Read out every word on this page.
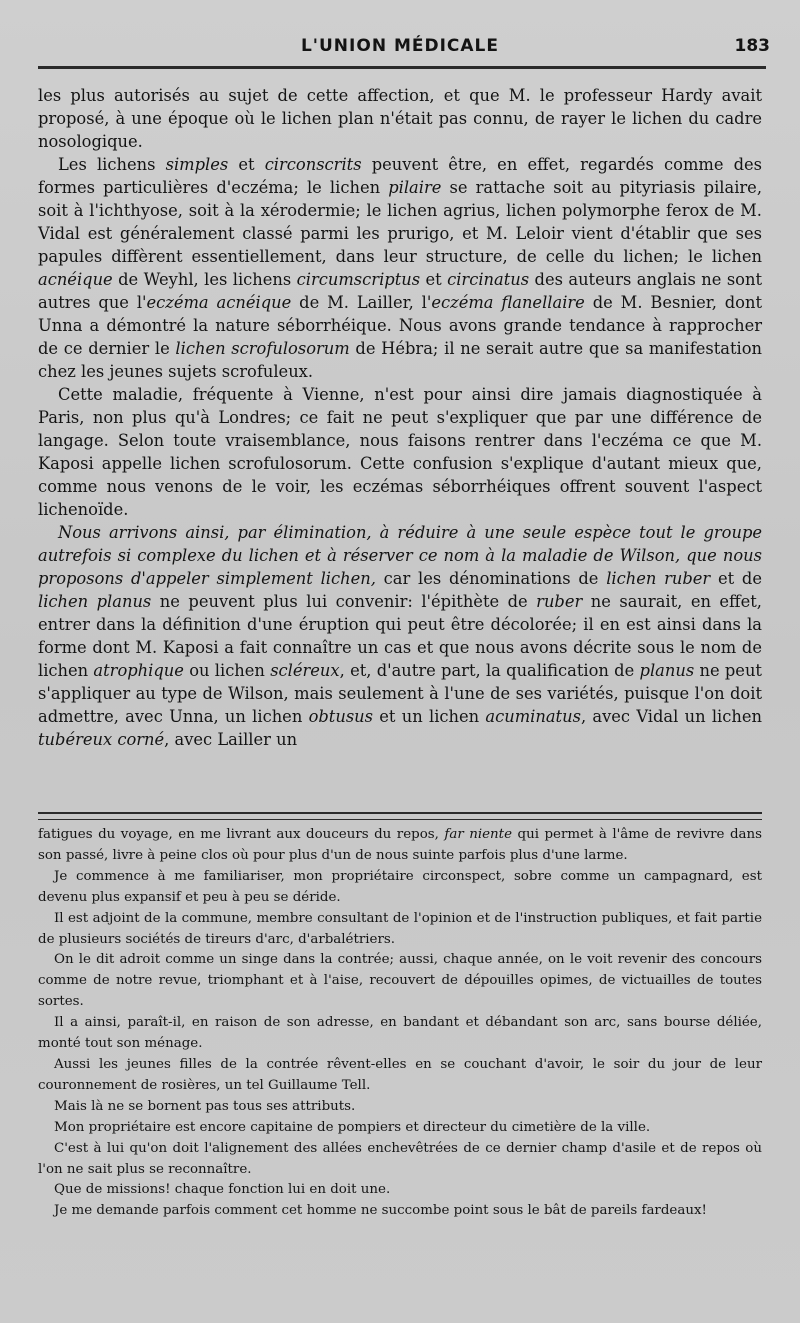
L'UNION MÉDICALE	183

les plus autorisés au sujet de cette affection, et que M. le professeur Hardy avait proposé, à une époque où le lichen plan n'était pas connu, de rayer le lichen du cadre nosologique.

Les lichens simples et circonscrits peuvent être, en effet, regardés comme des formes particulières d'eczéma; le lichen pilaire se rattache soit au pityriasis pilaire, soit à l'ichthyose, soit à la xérodermie; le lichen agrius, lichen polymorphe ferox de M. Vidal est généralement classé parmi les prurigo, et M. Leloir vient d'établir que ses papules diffèrent essentiellement, dans leur structure, de celle du lichen; le lichen acnéique de Weyhl, les lichens circumscriptus et circinatus des auteurs anglais ne sont autres que l'eczéma acnéique de M. Lailler, l'eczéma flanellaire de M. Besnier, dont Unna a démontré la nature séborrhéique. Nous avons grande tendance à rapprocher de ce dernier le lichen scrofulosorum de Hébra; il ne serait autre que sa manifestation chez les jeunes sujets scrofuleux.

Cette maladie, fréquente à Vienne, n'est pour ainsi dire jamais diagnostiquée à Paris, non plus qu'à Londres; ce fait ne peut s'expliquer que par une différence de langage. Selon toute vraisemblance, nous faisons rentrer dans l'eczéma ce que M. Kaposi appelle lichen scrofulosorum. Cette confusion s'explique d'autant mieux que, comme nous venons de le voir, les eczémas séborrhéiques offrent souvent l'aspect lichenoïde.

Nous arrivons ainsi, par élimination, à réduire à une seule espèce tout le groupe autrefois si complexe du lichen et à réserver ce nom à la maladie de Wilson, que nous proposons d'appeler simplement lichen, car les dénominations de lichen ruber et de lichen planus ne peuvent plus lui convenir: l'épithète de ruber ne saurait, en effet, entrer dans la définition d'une éruption qui peut être décolorée; il en est ainsi dans la forme dont M. Kaposi a fait connaître un cas et que nous avons décrite sous le nom de lichen atrophique ou lichen scléreux, et, d'autre part, la qualification de planus ne peut s'appliquer au type de Wilson, mais seulement à l'une de ses variétés, puisque l'on doit admettre, avec Unna, un lichen obtusus et un lichen acuminatus, avec Vidal un lichen tubéreux corné, avec Lailler un

fatigues du voyage, en me livrant aux douceurs du repos, far niente qui permet à l'âme de revivre dans son passé, livre à peine clos où pour plus d'un de nous suinte parfois plus d'une larme.

Je commence à me familiariser, mon propriétaire circonspect, sobre comme un campagnard, est devenu plus expansif et peu à peu se déride.

Il est adjoint de la commune, membre consultant de l'opinion et de l'instruction publiques, et fait partie de plusieurs sociétés de tireurs d'arc, d'arbalétriers.

On le dit adroit comme un singe dans la contrée; aussi, chaque année, on le voit revenir des concours comme de notre revue, triomphant et à l'aise, recouvert de dépouilles opimes, de victuailles de toutes sortes.

Il a ainsi, paraît-il, en raison de son adresse, en bandant et débandant son arc, sans bourse déliée, monté tout son ménage.

Aussi les jeunes filles de la contrée rêvent-elles en se couchant d'avoir, le soir du jour de leur couronnement de rosières, un tel Guillaume Tell.

Mais là ne se bornent pas tous ses attributs.

Mon propriétaire est encore capitaine de pompiers et directeur du cimetière de la ville.

C'est à lui qu'on doit l'alignement des allées enchevêtrées de ce dernier champ d'asile et de repos où l'on ne sait plus se reconnaître.

Que de missions! chaque fonction lui en doit une.

Je me demande parfois comment cet homme ne succombe point sous le bât de pareils fardeaux!
